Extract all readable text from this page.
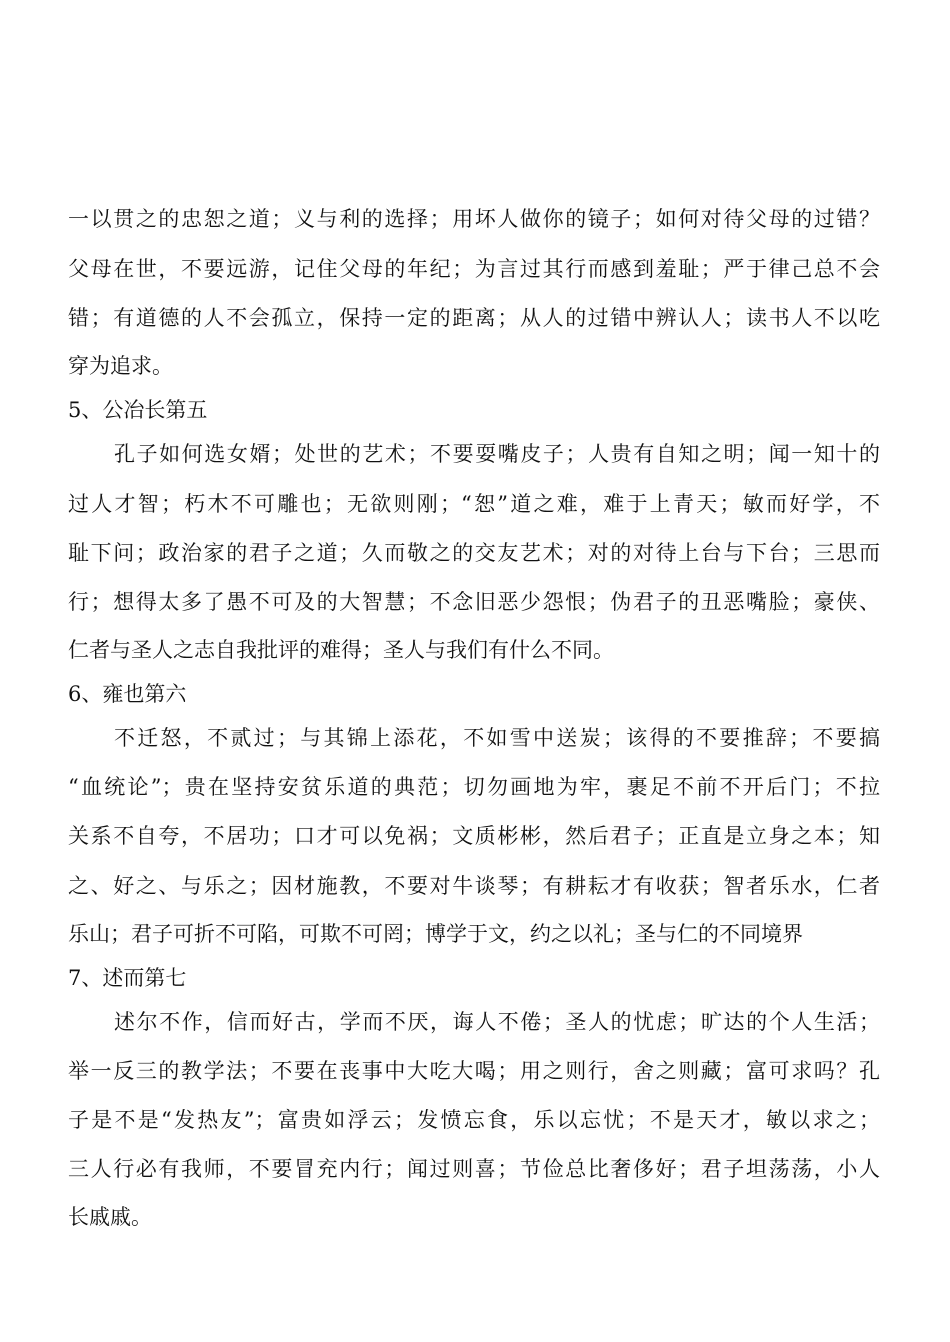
一以贯之的忠恕之道；义与利的选择；用坏人做你的镜子；如何对待父母的过错？
父母在世，不要远游，记住父母的年纪；为言过其行而感到羞耻；严于律己总不会
错；有道德的人不会孤立，保持一定的距离；从人的过错中辨认人；读书人不以吃
穿为追求。
5、公冶长第五
孔子如何选女婿；处世的艺术；不要耍嘴皮子；人贵有自知之明；闻一知十的
过人才智；朽木不可雕也；无欲则刚；“恕”道之难，难于上青天；敏而好学，不
耻下问；政治家的君子之道；久而敬之的交友艺术；对的对待上台与下台；三思而
行；想得太多了愚不可及的大智慧；不念旧恶少怨恨；伪君子的丑恶嘴脸；豪侠、
仁者与圣人之志自我批评的难得；圣人与我们有什么不同。
6、雍也第六
不迁怒，不贰过；与其锦上添花，不如雪中送炭；该得的不要推辞；不要搞
“血统论”；贵在坚持安贫乐道的典范；切勿画地为牢，裹足不前不开后门；不拉
关系不自夸，不居功；口才可以免祸；文质彬彬，然后君子；正直是立身之本；知
之、好之、与乐之；因材施教，不要对牛谈琴；有耕耘才有收获；智者乐水，仁者
乐山；君子可折不可陷，可欺不可罔；博学于文，约之以礼；圣与仁的不同境界
7、述而第七
述尔不作，信而好古，学而不厌，诲人不倦；圣人的忧虑；旷达的个人生活；
举一反三的教学法；不要在丧事中大吃大喝；用之则行，舍之则藏；富可求吗？孔
子是不是“发热友”；富贵如浮云；发愤忘食，乐以忘忧；不是天才，敏以求之；
三人行必有我师，不要冒充内行；闻过则喜；节俭总比奢侈好；君子坦荡荡，小人
长戚戚。
